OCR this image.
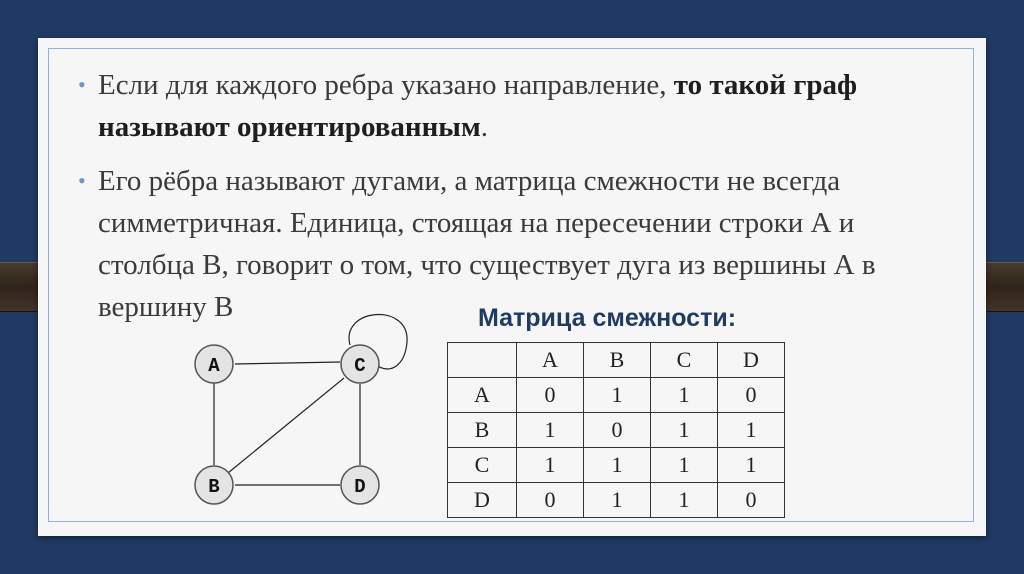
• Если для каждого ребра указано направление, то такой граф называют ориентированным.
• Его рёбра называют дугами, а матрица смежности не всегда симметричная. Единица, стоящая на пересечении строки А и столбца В, говорит о том, что существует дуга из вершины А в вершину В
A	C
B	D
Матрица смежности:
	A	B	C	D
A	0	1	1	0
B	1	0	1	1
C	1	1	1	1
D	0	1	1	0
